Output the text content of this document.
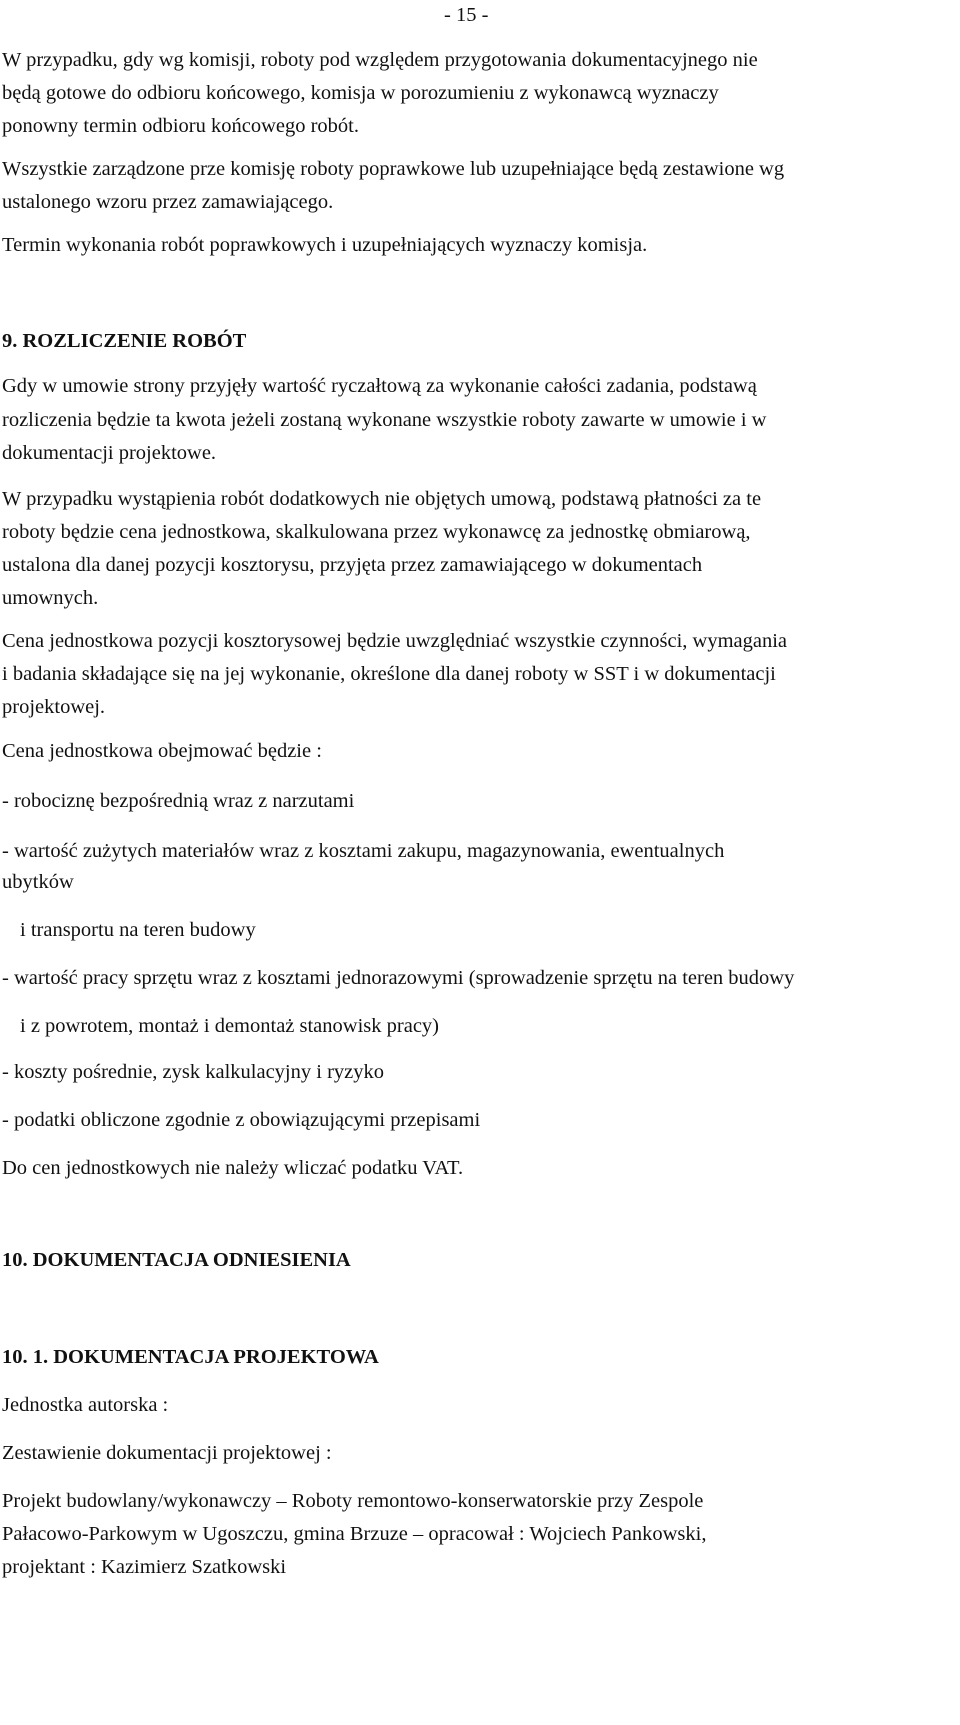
- 15 -

W przypadku, gdy wg komisji, roboty pod względem przygotowania dokumentacyjnego nie

będą gotowe do odbioru końcowego, komisja w porozumieniu z wykonawcą wyznaczy

ponowny termin odbioru końcowego robót.

Wszystkie zarządzone prze komisję roboty poprawkowe lub uzupełniające będą zestawione wg

ustalonego wzoru przez zamawiającego.

Termin wykonania robót poprawkowych i uzupełniających wyznaczy komisja.

9. ROZLICZENIE ROBÓT

Gdy w umowie strony przyjęły wartość ryczałtową za wykonanie całości zadania, podstawą

rozliczenia będzie ta kwota jeżeli zostaną wykonane wszystkie roboty zawarte w umowie i w

dokumentacji projektowe.

W przypadku wystąpienia robót dodatkowych nie objętych umową, podstawą płatności za te

roboty będzie cena jednostkowa, skalkulowana przez wykonawcę za jednostkę obmiarową,

ustalona dla danej pozycji kosztorysu, przyjęta przez zamawiającego w dokumentach

umownych.

Cena jednostkowa pozycji kosztorysowej będzie uwzględniać wszystkie czynności, wymagania

i badania składające się na jej wykonanie, określone dla danej roboty w SST i w dokumentacji

projektowej.

Cena jednostkowa obejmować będzie :

- robociznę bezpośrednią wraz z narzutami

- wartość zużytych materiałów wraz z kosztami zakupu, magazynowania, ewentualnych

ubytków

i transportu na teren budowy

- wartość pracy sprzętu wraz z kosztami jednorazowymi (sprowadzenie sprzętu na teren budowy

i z powrotem, montaż i demontaż stanowisk pracy)

- koszty pośrednie, zysk kalkulacyjny i ryzyko

- podatki obliczone zgodnie z obowiązującymi przepisami

Do cen jednostkowych nie należy wliczać podatku VAT.

10. DOKUMENTACJA ODNIESIENIA

10. 1. DOKUMENTACJA PROJEKTOWA

Jednostka autorska :

Zestawienie dokumentacji projektowej :

Projekt budowlany/wykonawczy – Roboty remontowo-konserwatorskie przy Zespole

Pałacowo-Parkowym w Ugoszczu, gmina Brzuze – opracował : Wojciech Pankowski,

projektant : Kazimierz Szatkowski
